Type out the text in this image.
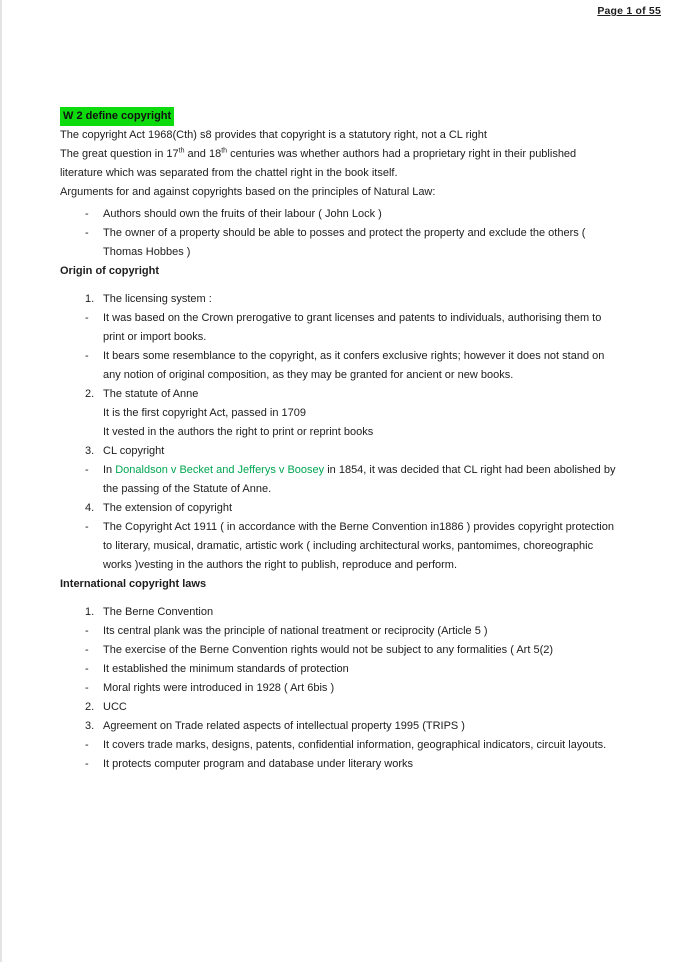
Page 1 of 55
W 2 define copyright

The copyright Act 1968(Cth) s8 provides that copyright is a statutory right, not a CL right

The great question in 17th and 18th centuries was whether authors had a proprietary right in their published literature which was separated from the chattel right in the book itself.

Arguments for and against copyrights based on the principles of Natural Law:

- Authors should own the fruits of their labour ( John Lock )
- The owner of a property should be able to posses and protect the property and exclude the others ( Thomas Hobbes )
Origin of copyright
1. The licensing system :
- It was based on the Crown prerogative to grant licenses and patents to individuals, authorising them to print or import books.
- It bears some resemblance to the copyright, as it confers exclusive rights; however it does not stand on any notion of original composition, as they may be granted for ancient or new books.
2. The statute of Anne
It is the first copyright Act, passed in 1709
It vested in the authors the right to print or reprint books
3. CL copyright
- In Donaldson v Becket and Jefferys v Boosey in 1854, it was decided that CL right had been abolished by the passing of the Statute of Anne.
4. The extension of copyright
- The Copyright Act 1911 ( in accordance with the Berne Convention in1886 ) provides copyright protection to literary, musical, dramatic, artistic work ( including architectural works, pantomimes, choreographic works )vesting in the authors the right to publish, reproduce and perform.
International copyright laws
1. The Berne Convention
- Its central plank was the principle of national treatment or reciprocity (Article 5 )
- The exercise of the Berne Convention rights would not be subject to any formalities ( Art 5(2)
- It established the minimum standards of protection
- Moral rights were introduced in 1928 ( Art 6bis )
2. UCC
3. Agreement on Trade related aspects of intellectual property 1995 (TRIPS )
- It covers trade marks, designs, patents, confidential information, geographical indicators, circuit layouts.
- It protects computer program and database under literary works
